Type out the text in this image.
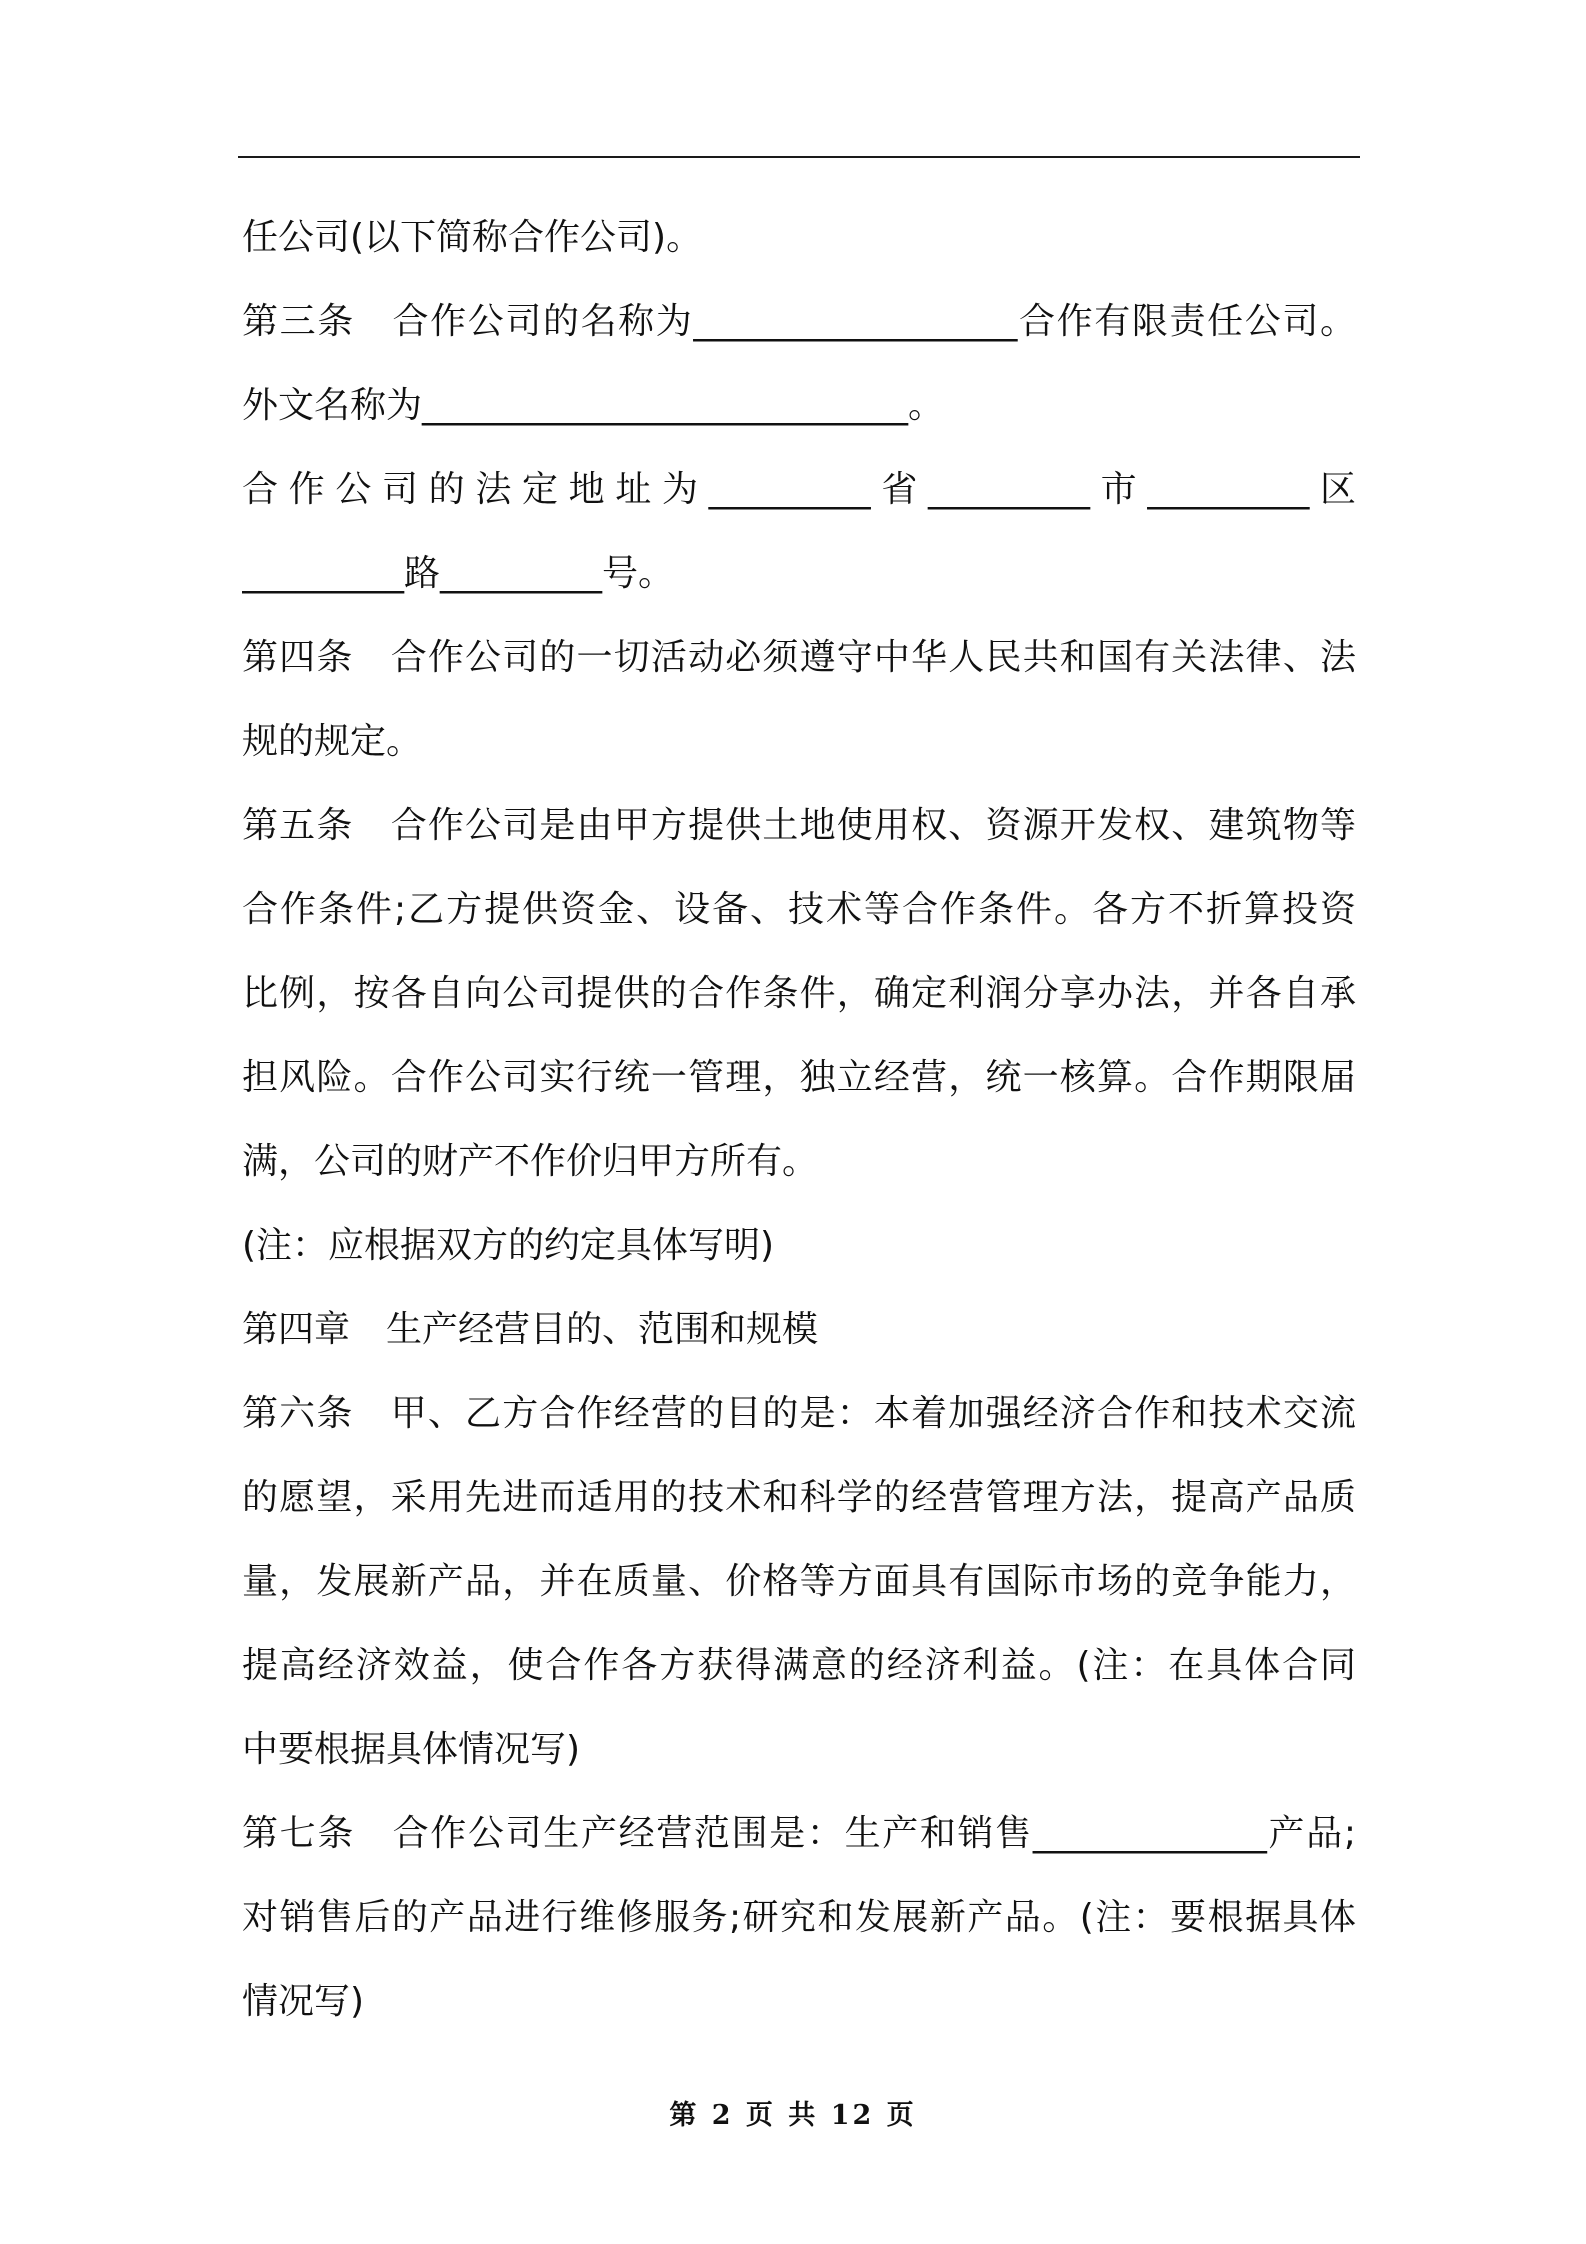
任公司(以下简称合作公司)。
第三条　合作公司的名称为__________________合作有限责任公司。
外文名称为___________________________。
合作公司的法定地址为_________省_________市_________区
_________路_________号。
第四条　合作公司的一切活动必须遵守中华人民共和国有关法律、法
规的规定。
第五条　合作公司是由甲方提供土地使用权、资源开发权、建筑物等
合作条件;乙方提供资金、设备、技术等合作条件。各方不折算投资
比例，按各自向公司提供的合作条件，确定利润分享办法，并各自承
担风险。合作公司实行统一管理，独立经营，统一核算。合作期限届
满，公司的财产不作价归甲方所有。
(注：应根据双方的约定具体写明)
第四章　生产经营目的、范围和规模
第六条　甲、乙方合作经营的目的是：本着加强经济合作和技术交流
的愿望，采用先进而适用的技术和科学的经营管理方法，提高产品质
量，发展新产品，并在质量、价格等方面具有国际市场的竞争能力，
提高经济效益，使合作各方获得满意的经济利益。(注：在具体合同
中要根据具体情况写)
第七条　合作公司生产经营范围是：生产和销售_____________产品;
对销售后的产品进行维修服务;研究和发展新产品。(注：要根据具体
情况写)
第 2 页 共 12 页
